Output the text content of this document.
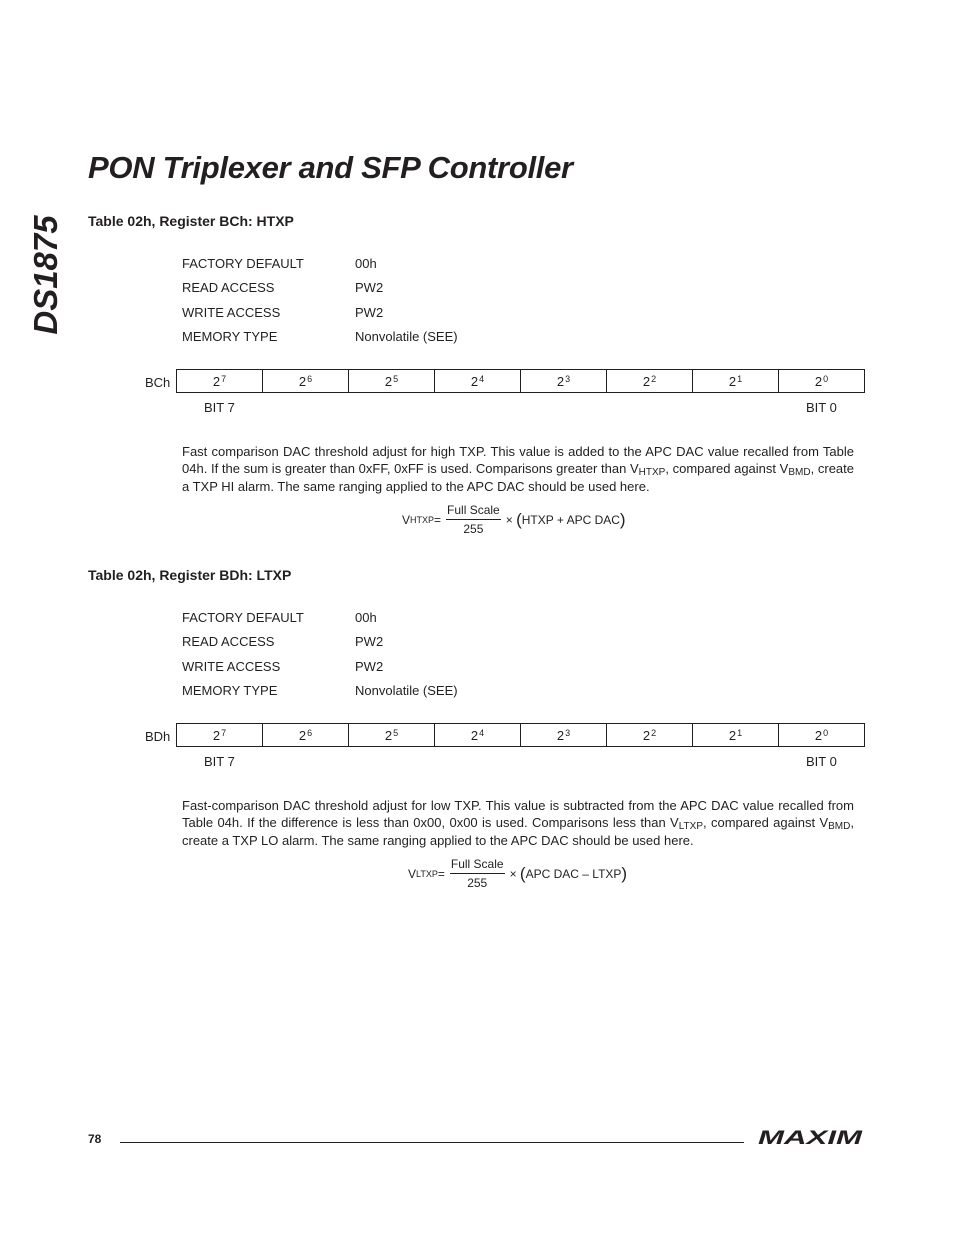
DS1875
PON Triplexer and SFP Controller
Table 02h, Register BCh: HTXP
FACTORY DEFAULT	00h
READ ACCESS	PW2
WRITE ACCESS	PW2
MEMORY TYPE	Nonvolatile (SEE)
BCh	$2^7$	$2^6$	$2^5$	$2^4$	$2^3$	$2^2$	$2^1$	$2^0$
BIT 7	BIT 0
Fast comparison DAC threshold adjust for high TXP. This value is added to the APC DAC value recalled from Table 04h. If the sum is greater than 0xFF, 0xFF is used. Comparisons greater than $V_{HTXP}$, compared against $V_{BMD}$, create a TXP HI alarm. The same ranging applied to the APC DAC should be used here.
V HTXP = $\frac{\text{Full Scale}}{255}$ ×
( HTXP + APC DAC )
Table 02h, Register BDh: LTXP
FACTORY DEFAULT	00h
READ ACCESS	PW2
WRITE ACCESS	PW2
MEMORY TYPE	Nonvolatile (SEE)
BDh	$2^7$	$2^6$	$2^5$	$2^4$	$2^3$	$2^2$	$2^1$	$2^0$
BIT 7	BIT 0
Fast-comparison DAC threshold adjust for low TXP. This value is subtracted from the APC DAC value recalled from Table 04h. If the difference is less than 0x00, 0x00 is used. Comparisons less than $V_{LTXP}$, compared against $V_{BMD}$, create a TXP LO alarm. The same ranging applied to the APC DAC should be used here.
V LTXP = $\frac{\text{Full Scale}}{255}$ ×
( APC DAC – LTXP )
78	MAXIM
